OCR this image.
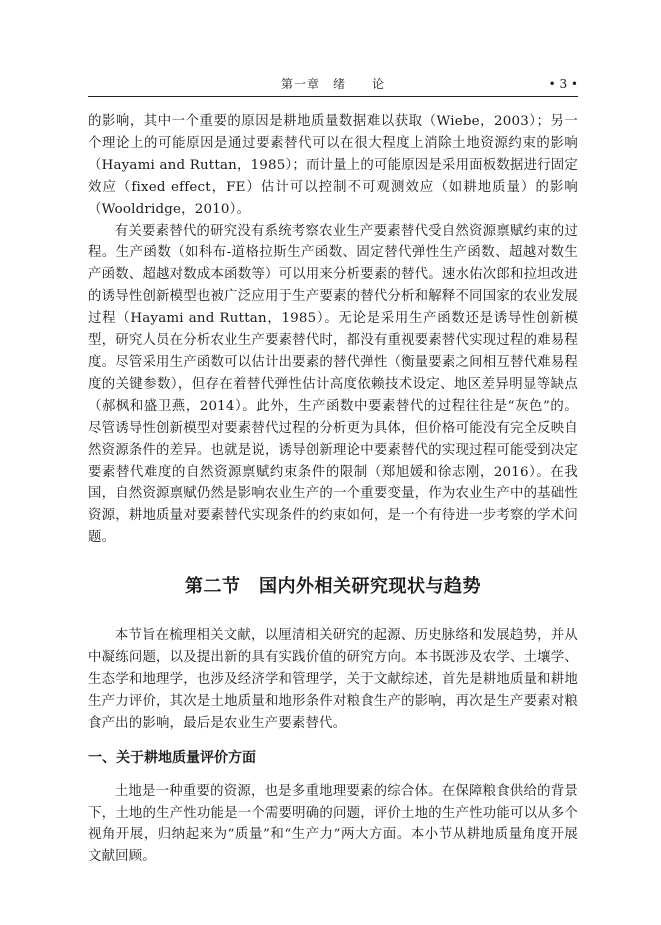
第一章　绪　　论	• 3 •

的影响，其中一个重要的原因是耕地质量数据难以获取（Wiebe，2003）；另一个理论上的可能原因是通过要素替代可以在很大程度上消除土地资源约束的影响（Hayami and Ruttan，1985）；而计量上的可能原因是采用面板数据进行固定效应（fixed effect，FE）估计可以控制不可观测效应（如耕地质量）的影响（Wooldridge，2010）。

有关要素替代的研究没有系统考察农业生产要素替代受自然资源禀赋约束的过程。生产函数（如科布-道格拉斯生产函数、固定替代弹性生产函数、超越对数生产函数、超越对数成本函数等）可以用来分析要素的替代。速水佑次郎和拉坦改进的诱导性创新模型也被广泛应用于生产要素的替代分析和解释不同国家的农业发展过程（Hayami and Ruttan，1985）。无论是采用生产函数还是诱导性创新模型，研究人员在分析农业生产要素替代时，都没有重视要素替代实现过程的难易程度。尽管采用生产函数可以估计出要素的替代弹性（衡量要素之间相互替代难易程度的关键参数），但存在着替代弹性估计高度依赖技术设定、地区差异明显等缺点（郝枫和盛卫燕，2014）。此外，生产函数中要素替代的过程往往是“灰色”的。尽管诱导性创新模型对要素替代过程的分析更为具体，但价格可能没有完全反映自然资源条件的差异。也就是说，诱导创新理论中要素替代的实现过程可能受到决定要素替代难度的自然资源禀赋约束条件的限制（郑旭媛和徐志刚，2016）。在我国，自然资源禀赋仍然是影响农业生产的一个重要变量，作为农业生产中的基础性资源，耕地质量对要素替代实现条件的约束如何，是一个有待进一步考察的学术问题。

第二节　国内外相关研究现状与趋势

本节旨在梳理相关文献，以厘清相关研究的起源、历史脉络和发展趋势，并从中凝练问题，以及提出新的具有实践价值的研究方向。本书既涉及农学、土壤学、生态学和地理学，也涉及经济学和管理学，关于文献综述，首先是耕地质量和耕地生产力评价，其次是土地质量和地形条件对粮食生产的影响，再次是生产要素对粮食产出的影响，最后是农业生产要素替代。

一、关于耕地质量评价方面

土地是一种重要的资源，也是多重地理要素的综合体。在保障粮食供给的背景下，土地的生产性功能是一个需要明确的问题，评价土地的生产性功能可以从多个视角开展，归纳起来为“质量”和“生产力”两大方面。本小节从耕地质量角度开展文献回顾。
